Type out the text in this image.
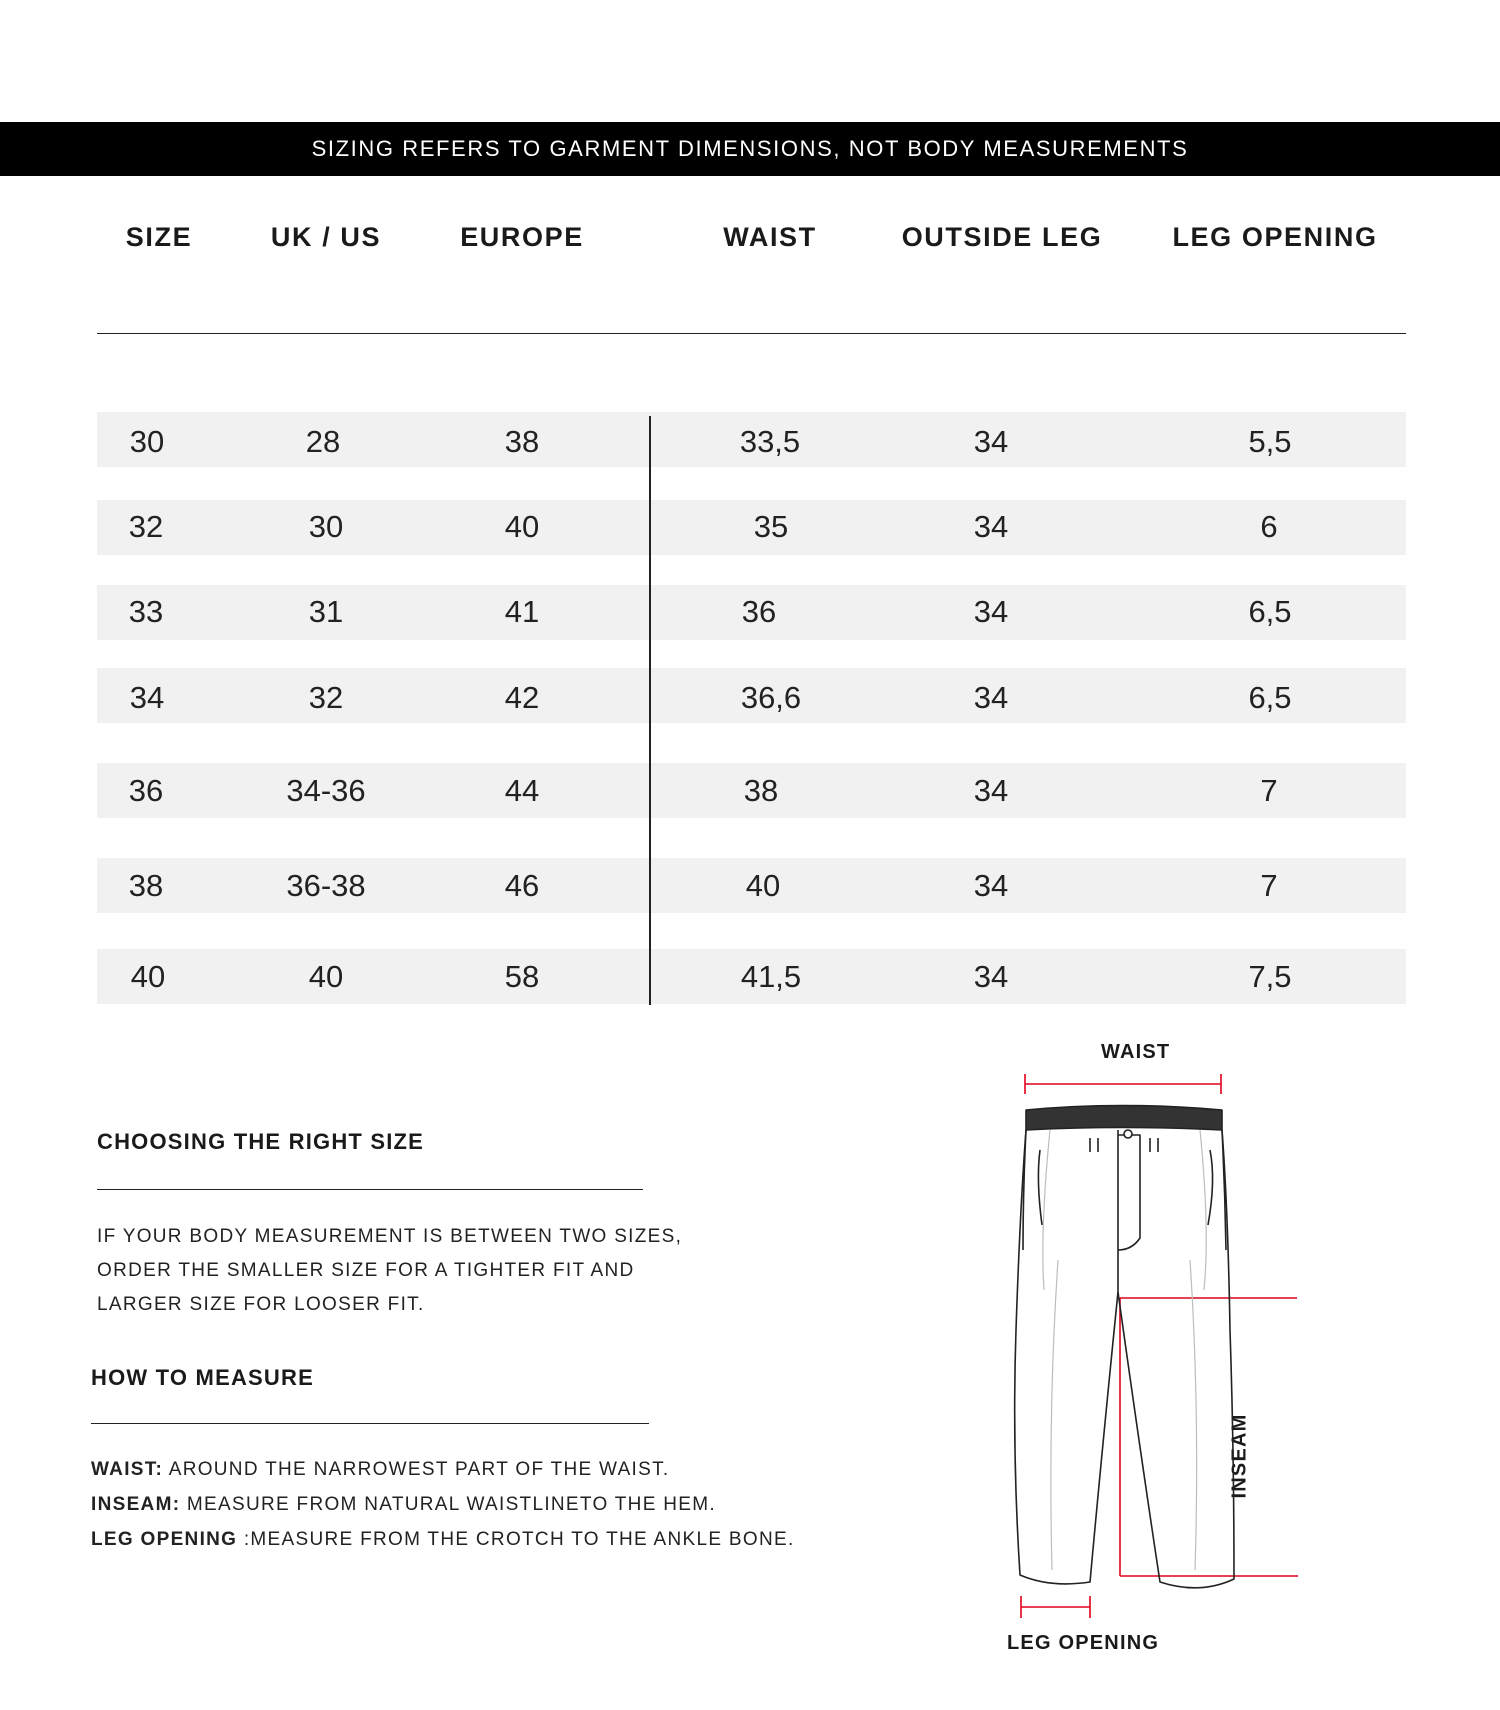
SIZING REFERS TO GARMENT DIMENSIONS, NOT BODY MEASUREMENTS
SIZE	UK / US	EUROPE	WAIST	OUTSIDE LEG	LEG OPENING
30	28	38	33,5	34	5,5
32	30	40	35	34	6
33	31	41	36	34	6,5
34	32	42	36,6	34	6,5
36	34-36	44	38	34	7
38	36-38	46	40	34	7
40	40	58	41,5	34	7,5
CHOOSING THE RIGHT SIZE
IF YOUR BODY MEASUREMENT IS BETWEEN TWO SIZES,
ORDER THE SMALLER SIZE FOR A TIGHTER FIT AND
LARGER SIZE FOR LOOSER FIT.
HOW TO MEASURE
WAIST: AROUND THE NARROWEST PART OF THE WAIST.
INSEAM: MEASURE FROM NATURAL WAISTLINETO THE HEM.
LEG OPENING :MEASURE FROM THE CROTCH TO THE ANKLE BONE.
WAIST
LEG OPENING
INSEAM
